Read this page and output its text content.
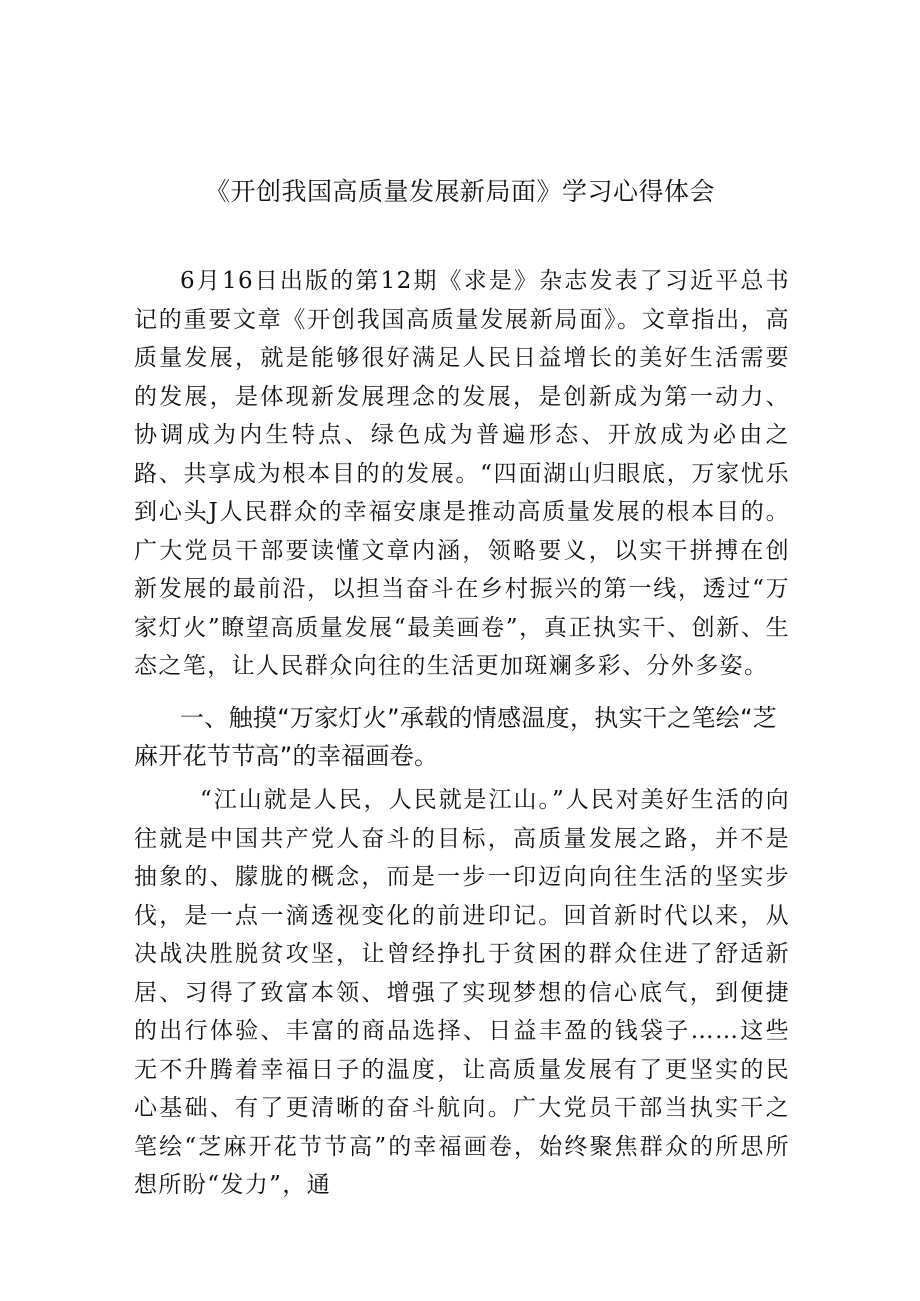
《开创我国高质量发展新局面》学习心得体会

6月16日出版的第12期《求是》杂志发表了习近平总书记的重要文章《开创我国高质量发展新局面》。文章指出，高质量发展，就是能够很好满足人民日益增长的美好生活需要的发展，是体现新发展理念的发展，是创新成为第一动力、协调成为内生特点、绿色成为普遍形态、开放成为必由之路、共享成为根本目的的发展。“四面湖山归眼底，万家忧乐到心头J人民群众的幸福安康是推动高质量发展的根本目的。广大党员干部要读懂文章内涵，领略要义，以实干拼搏在创新发展的最前沿，以担当奋斗在乡村振兴的第一线，透过“万家灯火”瞭望高质量发展“最美画卷”，真正执实干、创新、生态之笔，让人民群众向往的生活更加斑斓多彩、分外多姿。

一、触摸“万家灯火”承载的情感温度，执实干之笔绘“芝麻开花节节高”的幸福画卷。

“江山就是人民，人民就是江山。”人民对美好生活的向往就是中国共产党人奋斗的目标，高质量发展之路，并不是抽象的、朦胧的概念，而是一步一印迈向向往生活的坚实步伐，是一点一滴透视变化的前进印记。回首新时代以来，从决战决胜脱贫攻坚，让曾经挣扎于贫困的群众住进了舒适新居、习得了致富本领、增强了实现梦想的信心底气，到便捷的出行体验、丰富的商品选择、日益丰盈的钱袋子……这些无不升腾着幸福日子的温度，让高质量发展有了更坚实的民心基础、有了更清晰的奋斗航向。广大党员干部当执实干之笔绘“芝麻开花节节高”的幸福画卷，始终聚焦群众的所思所想所盼“发力”，通
